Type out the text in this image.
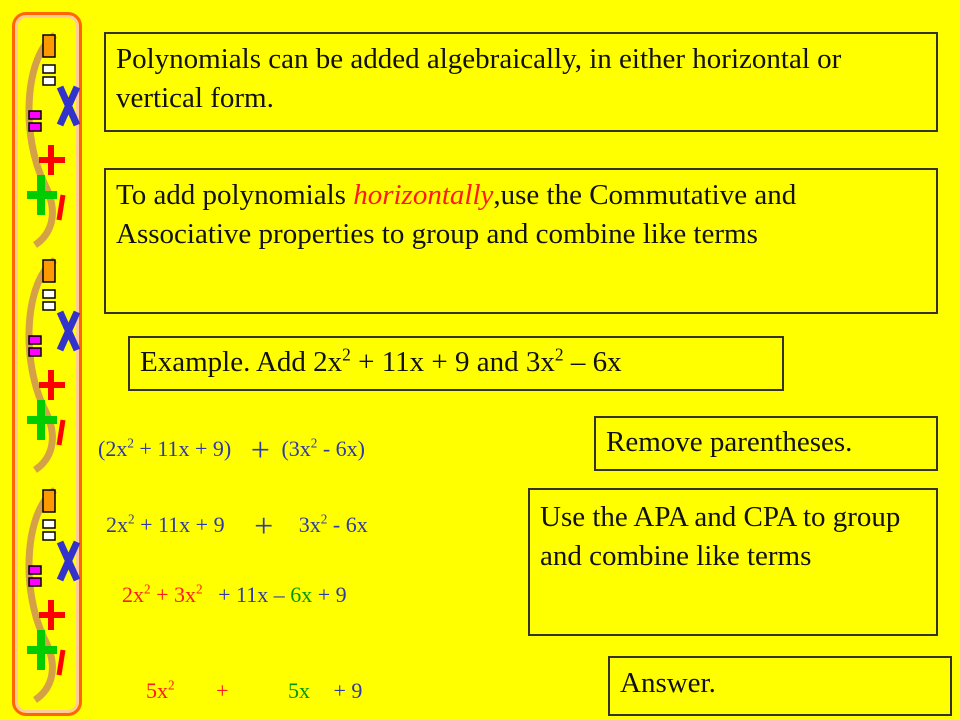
Polynomials can be added algebraically, in either horizontal or vertical form.
To add polynomials horizontally,use the Commutative and Associative properties to group and combine like terms
Example. Add $2x^2 + 11x + 9$ and $3x^2 - 6x$
$(2x^2 + 11x + 9) + (3x^2 - 6x)$	Remove parentheses.
$2x^2 + 11x + 9 + 3x^2 - 6x$	Use the APA and CPA to group and combine like terms
$2x^2 + 3x^2 + 11x - 6x + 9$
$5x^2$ +	5x + 9	Answer.
